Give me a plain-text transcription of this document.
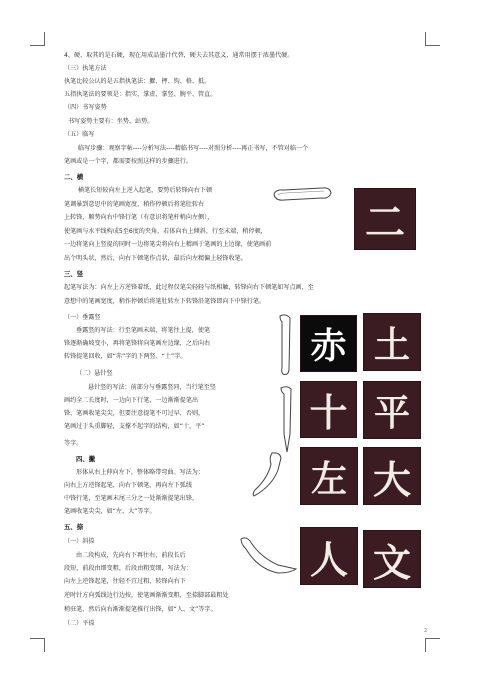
4、硬、取其的是石硬，现在用成品墨汁代替，硬夫去其意义，通常用摆于浓墨代硬。
（三）执笔方法
执笔比较公认的是五指执笔法：擫、押、钩、格、抵。
五指执笔法的要领是：指实、掌虚、掌竖、腕平、管直。
（四）书写姿势
书写姿势主要有：坐势、站势。
（五）临写
临写步骤：观察字帖----分析写法----精临书写----对照分析----再正书写，不管对临一个
笔画或是一个字，都需要按照这样的步骤进行。
二、横
横笔长短较向左上逆入起笔，要势后转锋向右下顿
笔调暴到意思中的笔画宽度，稍作停顿后将笔肚转右
上转锋，顺势向右中锋行笔（有意识将笔杆稍向左侧），
使笔画与水平线构成5至6度的夹角，若体向右上倾斜，行至末端，稍停顿，
一边将笔向上竖提的同时一边将笔尖将向右上精画于笔画的上边缘，使笔画前
出个明头状，然后，向右下顿笔作点状，最后向左精偏上轻锋收笔。
二
三、竖
起笔写法为：向左上方逆锋着纸，此过程仅笔尖轻轻与纸相触，转锋向右下顿笔如写点画，至
意想中的笔画宽度，稍作停顿后将笔肚转左下转锋沿笔锋即向下中锋行笔。
（一）垂露竖
垂露竖的写法：行至笔画末端，将笔往上提，使笔
锋逐渐确坡变小，再将笔锋将向笔画左边缘，之后向右
转锋提笔回收，如“赤”字的下两竖、“土”字。
（二）悬针竖
悬针竖的写法：前部分与垂露竖同，当行笔至竖
画约全二长度时，一边向下行笔，一边渐渐提笔出
锋，笔画收笔尖尖，但要注意提笔不可过早，否则，
笔画过于头重脚轻，支撑不起字的结构，如“十、平”
等字。
赤 土
十 平
四、撇
形体从右上伸向左下，整体略带弯曲。写法为：
向右上方逆锋起笔，向右下顿笔，再向左下弧线
中锋行笔，至笔画末尾三分之一处渐渐提笔出锋，
笔画收笔尖尖，如“左、大”等字。
左 大
五、捺
（一）斜捺
由二段构成，先向右下再往右，前段长后
段短，前段由细变粗，后段由粗变细，写法为：
向左上逆锋起笔，往轻不宜过粗，转锋向右下
逆时针方向弧线边行边按，使笔画渐渐变粗，至捺脚部最粗处
稍驻笔，然后向右渐渐提笔推行出锋，如“人、文”等字。
（二）平捺
人 文
2
